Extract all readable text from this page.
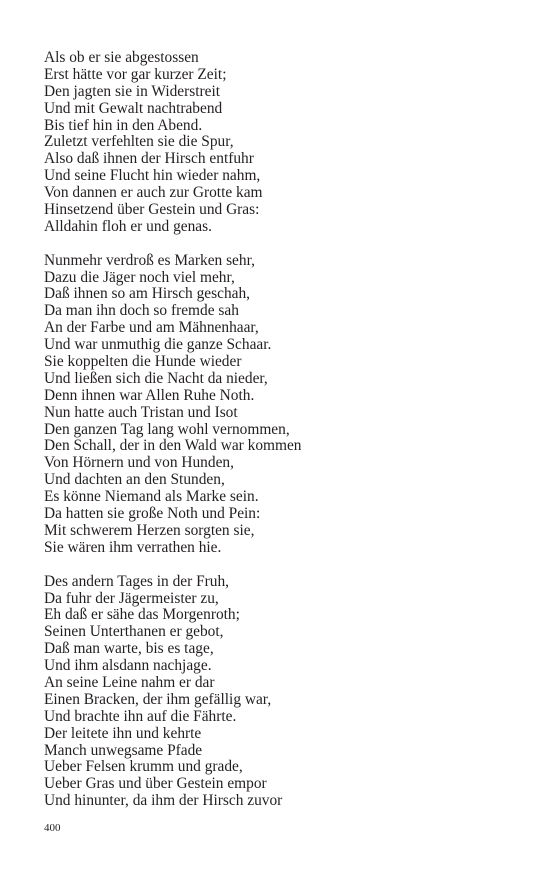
Als ob er sie abgestossen
Erst hätte vor gar kurzer Zeit;
Den jagten sie in Widerstreit
Und mit Gewalt nachtrabend
Bis tief hin in den Abend.
Zuletzt verfehlten sie die Spur,
Also daß ihnen der Hirsch entfuhr
Und seine Flucht hin wieder nahm,
Von dannen er auch zur Grotte kam
Hinsetzend über Gestein und Gras:
Alldahin floh er und genas.
Nunmehr verdroß es Marken sehr,
Dazu die Jäger noch viel mehr,
Daß ihnen so am Hirsch geschah,
Da man ihn doch so fremde sah
An der Farbe und am Mähnenhaar,
Und war unmuthig die ganze Schaar.
Sie koppelten die Hunde wieder
Und ließen sich die Nacht da nieder,
Denn ihnen war Allen Ruhe Noth.
Nun hatte auch Tristan und Isot
Den ganzen Tag lang wohl vernommen,
Den Schall, der in den Wald war kommen
Von Hörnern und von Hunden,
Und dachten an den Stunden,
Es könne Niemand als Marke sein.
Da hatten sie große Noth und Pein:
Mit schwerem Herzen sorgten sie,
Sie wären ihm verrathen hie.
Des andern Tages in der Fruh,
Da fuhr der Jägermeister zu,
Eh daß er sähe das Morgenroth;
Seinen Unterthanen er gebot,
Daß man warte, bis es tage,
Und ihm alsdann nachjage.
An seine Leine nahm er dar
Einen Bracken, der ihm gefällig war,
Und brachte ihn auf die Fährte.
Der leitete ihn und kehrte
Manch unwegsame Pfade
Ueber Felsen krumm und grade,
Ueber Gras und über Gestein empor
Und hinunter, da ihm der Hirsch zuvor
400
